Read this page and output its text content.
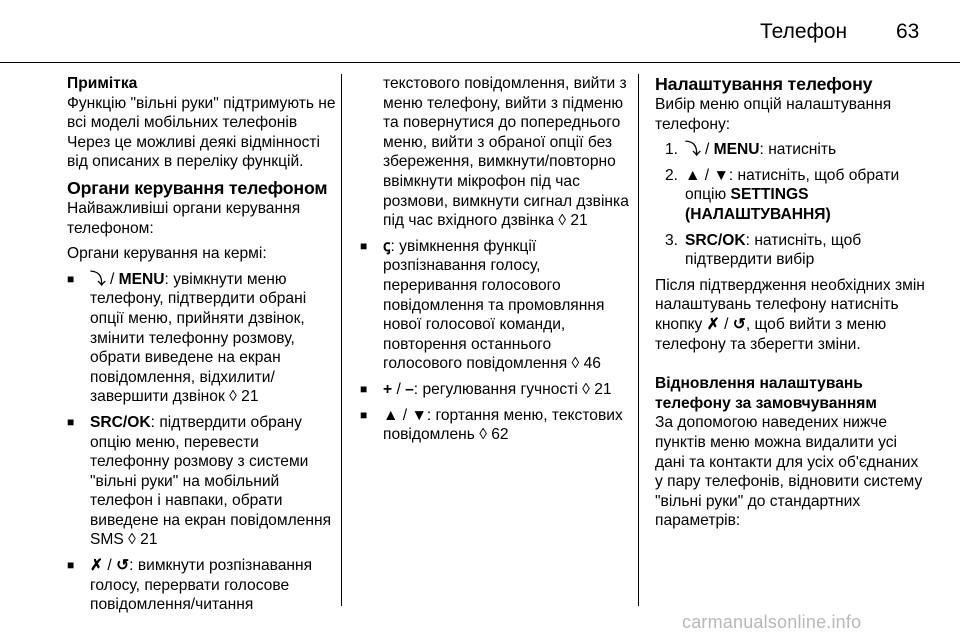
Телефон 63

Примітка

Функцію "вільні руки" підтримують не всі моделі мобільних телефонів Через це можливі деякі відмінності від описаних в переліку функцій.

Органи керування телефоном

Найважливіші органи керування телефоном:

Органи керування на кермі:

■ ⤵ / MENU: увімкнути меню телефону, підтвердити обрані опції меню, прийняти дзвінок, змінити телефонну розмову, обрати виведене на екран повідомлення, відхилити/завершити дзвінок ◊ 21
■ SRC/OK: підтвердити обрану опцію меню, перевести телефонну розмову з системи "вільні руки" на мобільний телефон і навпаки, обрати виведене на екран повідомлення SMS ◊ 21
■ ✗ / ↺: вимкнути розпізнавання голосу, перервати голосове повідомлення/читання
текстового повідомлення, вийти з меню телефону, вийти з підменю та повернутися до попереднього меню, вийти з обраної опції без збереження, вимкнути/повторно ввімкнути мікрофон під час розмови, вимкнути сигнал дзвінка під час вхідного дзвінка ◊ 21
■ ꞔ: увімкнення функції розпізнавання голосу, переривання голосового повідомлення та промовляння нової голосової команди, повторення останнього голосового повідомлення ◊ 46
■ + / –: регулювання гучності ◊ 21
■ ▲ / ▼: гортання меню, текстових повідомлень ◊ 62

Налаштування телефону

Вибір меню опцій налаштування телефону:

1. ⤵ / MENU: натисніть
2. ▲ / ▼: натисніть, щоб обрати опцію SETTINGS (НАЛАШТУВАННЯ)
3. SRC/OK: натисніть, щоб підтвердити вибір

Після підтвердження необхідних змін налаштувань телефону натисніть кнопку ✗ / ↺, щоб вийти з меню телефону та зберегти зміни.

Відновлення налаштувань телефону за замовчуванням

За допомогою наведених нижче пунктів меню можна видалити усі дані та контакти для усіх об'єднаних у пару телефонів, відновити систему "вільні руки" до стандартних параметрів:

carmanualsonline.info
